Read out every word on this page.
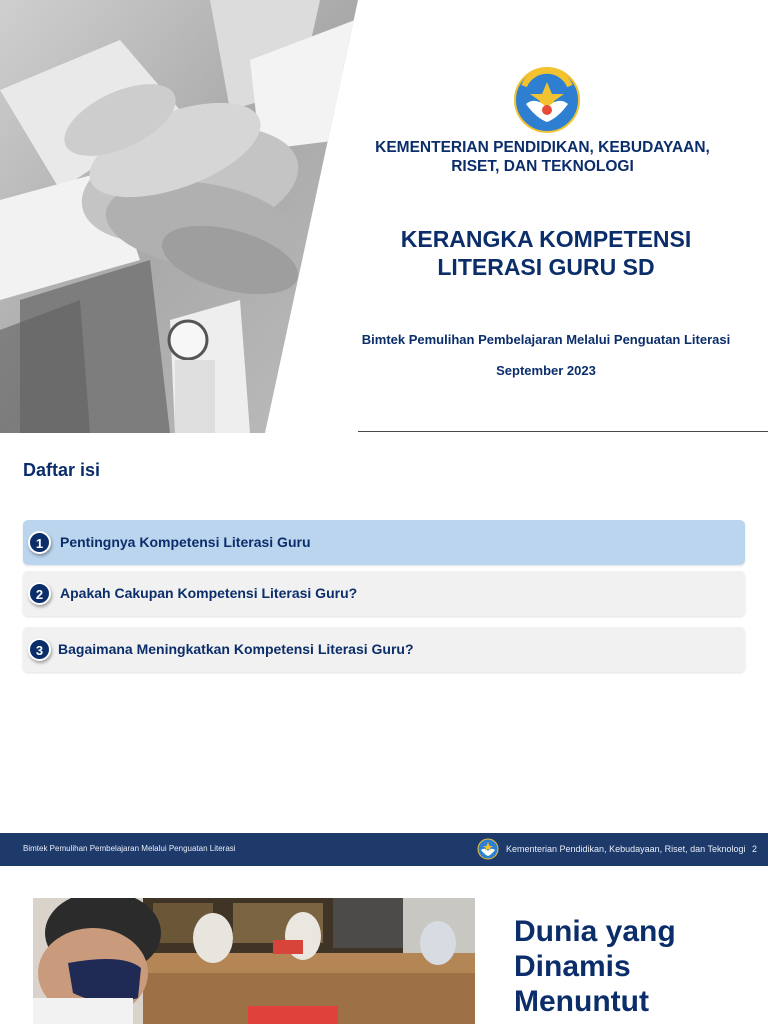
KEMENTERIAN PENDIDIKAN, KEBUDAYAAN,
RISET, DAN TEKNOLOGI
KERANGKA KOMPETENSI
LITERASI GURU SD
Bimtek Pemulihan Pembelajaran Melalui Penguatan Literasi
September 2023
Daftar isi
1	Pentingnya Kompetensi Literasi Guru
2	Apakah Cakupan Kompetensi Literasi Guru?
3	Bagaimana Meningkatkan Kompetensi Literasi Guru?
Bimtek Pemulihan Pembelajaran Melalui Penguatan Literasi	Kementerian Pendidikan, Kebudayaan, Riset, dan Teknologi 2
Dunia yang
Dinamis
Menuntut
